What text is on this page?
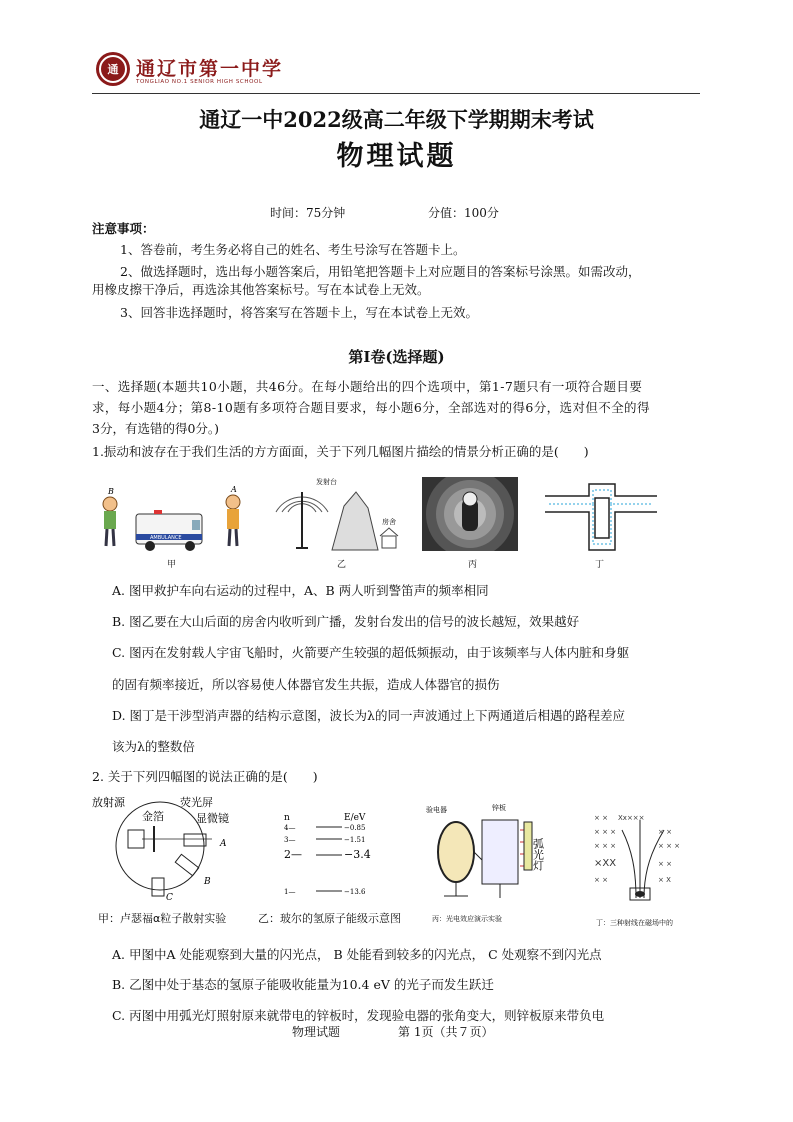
通 通辽市第一中学
TONGLIAO NO.1 SENIOR HIGH SCHOOL
通辽一中2022级高二年级下学期期末考试
物理试题
时间：75分钟	分值：100分
注意事项：
1、答卷前，考生务必将自己的姓名、考生号涂写在答题卡上。
2、做选择题时，选出每小题答案后，用铅笔把答题卡上对应题目的答案标号涂黑。如需改动，
用橡皮擦干净后，再选涂其他答案标号。写在本试卷上无效。
3、回答非选择题时，将答案写在答题卡上，写在本试卷上无效。
第Ⅰ卷(选择题)
一、选择题(本题共10小题，共46分。在每小题给出的四个选项中，第1-7题只有一项符合题目要
求，每小题4分；第8-10题有多项符合题目要求，每小题6分，全部选对的得6分，选对但不全的得
3分，有选错的得0分。)
1.振动和波存在于我们生活的方方面面，关于下列几幅图片描绘的情景分析正确的是(　　)
B	A
AMBULANCE
甲
发射台
房舍
乙	丙	丁
A. 图甲救护车向右运动的过程中，A、B 两人听到警笛声的频率相同
B. 图乙要在大山后面的房舍内收听到广播，发射台发出的信号的波长越短，效果越好
C. 图丙在发射载人宇宙飞船时，火箭要产生较强的超低频振动，由于该频率与人体内脏和身躯
的固有频率接近，所以容易使人体器官发生共振，造成人体器官的损伤
D. 图丁是干涉型消声器的结构示意图，波长为λ的同一声波通过上下两通道后相遇的路程差应
该为λ的整数倍
2. 关于下列四幅图的说法正确的是(　　)
放射源
金箔
荧光屏
显微镜
A
B
C
甲：卢瑟福α粒子散射实验
n	E/eV
4—	−0.85
3—	−1.51
2—	−3.4
1—	−13.6
乙：玻尔的氢原子能级示意图
验电器	锌板
弧光灯
丙：光电效应演示实验
× × Xx×××
× × ×	× ×
× × ×	× × ×
×XX	× ×
× ×	× X
丁：三种射线在磁场中的
A. 甲图中A 处能观察到大量的闪光点， B 处能看到较多的闪光点， C 处观察不到闪光点
B. 乙图中处于基态的氢原子能吸收能量为10.4 eV 的光子而发生跃迁
C. 丙图中用弧光灯照射原来就带电的锌板时，发现验电器的张角变大，则锌板原来带负电
物理试题	第 1页（共７页）
